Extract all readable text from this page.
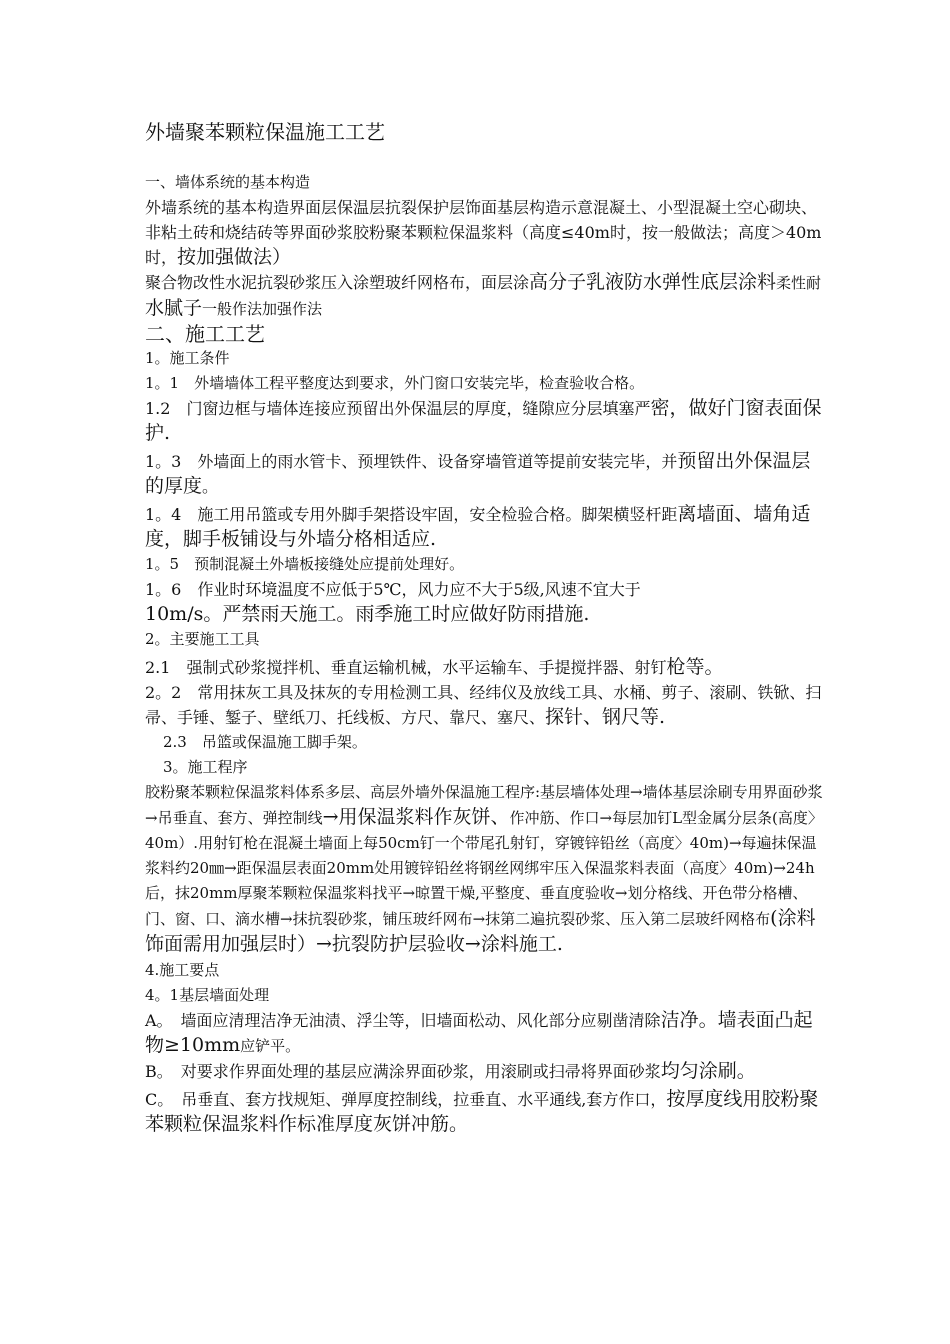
外墙聚苯颗粒保温施工工艺

一、墙体系统的基本构造

外墙系统的基本构造界面层保温层抗裂保护层饰面基层构造示意混凝土、小型混凝土空心砌块、非粘土砖和烧结砖等界面砂浆胶粉聚苯颗粒保温浆料（高度≤40m时，按一般做法；高度＞40m时，按加强做法）

聚合物改性水泥抗裂砂浆压入涂塑玻纤网格布，面层涂高分子乳液防水弹性底层涂料柔性耐水腻子一般作法加强作法

二、施工工艺

1。施工条件

1。1　外墙墙体工程平整度达到要求，外门窗口安装完毕，检查验收合格。

1.2　门窗边框与墙体连接应预留出外保温层的厚度，缝隙应分层填塞严密，做好门窗表面保护.

1。3　外墙面上的雨水管卡、预埋铁件、设备穿墙管道等提前安装完毕，并预留出外保温层的厚度。

1。4　施工用吊篮或专用外脚手架搭设牢固，安全检验合格。脚架横竖杆距离墙面、墙角适度，脚手板铺设与外墙分格相适应.

1。5　预制混凝土外墙板接缝处应提前处理好。

1。6　作业时环境温度不应低于5℃，风力应不大于5级,风速不宜大于
10m/s。严禁雨天施工。雨季施工时应做好防雨措施.

2。主要施工工具

2.1　强制式砂浆搅拌机、垂直运输机械，水平运输车、手提搅拌器、射钉枪等。

2。2　常用抹灰工具及抹灰的专用检测工具、经纬仪及放线工具、水桶、剪子、滚刷、铁锨、扫帚、手锤、錾子、壁纸刀、托线板、方尺、靠尺、塞尺、探针、钢尺等.

2.3　吊篮或保温施工脚手架。

3。施工程序

胶粉聚苯颗粒保温浆料体系多层、高层外墙外保温施工程序:基层墙体处理→墙体基层涂刷专用界面砂浆→吊垂直、套方、弹控制线→用保温浆料作灰饼、作冲筋、作口→每层加钉L型金属分层条(高度〉40m）.用射钉枪在混凝土墙面上每50cm钉一个带尾孔射钉，穿镀锌铅丝（高度〉40m)→每遍抹保温浆料约20㎜→距保温层表面20mm处用镀锌铅丝将钢丝网绑牢压入保温浆料表面（高度〉40m)→24h后，抹20mm厚聚苯颗粒保温浆料找平→晾置干燥,平整度、垂直度验收→划分格线、开色带分格槽、门、窗、口、滴水槽→抹抗裂砂浆，铺压玻纤网布→抹第二遍抗裂砂浆、压入第二层玻纤网格布(涂料饰面需用加强层时）→抗裂防护层验收→涂料施工.

4.施工要点

4。1基层墙面处理

A。　墙面应清理洁净无油渍、浮尘等，旧墙面松动、风化部分应剔凿清除洁净。墙表面凸起物≥10mm应铲平。

B。　对要求作界面处理的基层应满涂界面砂浆，用滚刷或扫帚将界面砂浆均匀涂刷。

C。　吊垂直、套方找规矩、弹厚度控制线，拉垂直、水平通线,套方作口，按厚度线用胶粉聚苯颗粒保温浆料作标准厚度灰饼冲筋。
